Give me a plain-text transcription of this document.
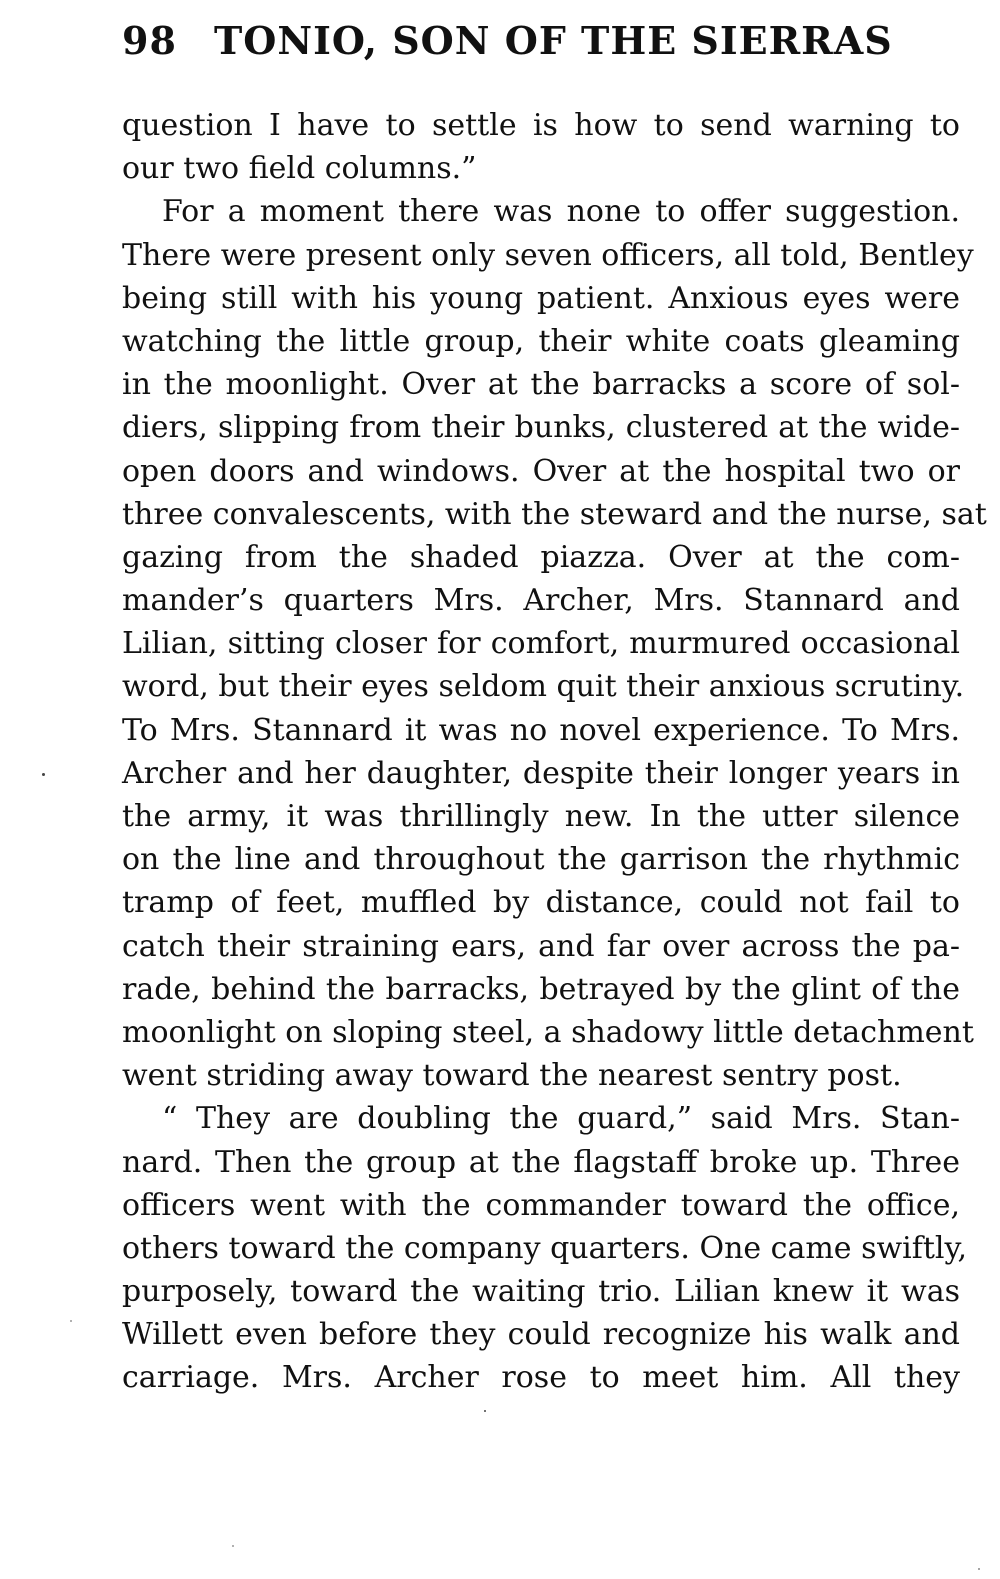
98 TONIO, SON OF THE SIERRAS
question I have to settle is how to send warning to
our two field columns.”
For a moment there was none to offer suggestion.
There were present only seven officers, all told, Bentley
being still with his young patient. Anxious eyes were
watching the little group, their white coats gleaming
in the moonlight. Over at the barracks a score of sol-
diers, slipping from their bunks, clustered at the wide-
open doors and windows. Over at the hospital two or
three convalescents, with the steward and the nurse, sat
gazing from the shaded piazza. Over at the com-
mander’s quarters Mrs. Archer, Mrs. Stannard and
Lilian, sitting closer for comfort, murmured occasional
word, but their eyes seldom quit their anxious scrutiny.
To Mrs. Stannard it was no novel experience. To Mrs.
Archer and her daughter, despite their longer years in
the army, it was thrillingly new. In the utter silence
on the line and throughout the garrison the rhythmic
tramp of feet, muffled by distance, could not fail to
catch their straining ears, and far over across the pa-
rade, behind the barracks, betrayed by the glint of the
moonlight on sloping steel, a shadowy little detachment
went striding away toward the nearest sentry post.
“ They are doubling the guard,” said Mrs. Stan-
nard. Then the group at the flagstaff broke up. Three
officers went with the commander toward the office,
others toward the company quarters. One came swiftly,
purposely, toward the waiting trio. Lilian knew it was
Willett even before they could recognize his walk and
carriage. Mrs. Archer rose to meet him. All they
